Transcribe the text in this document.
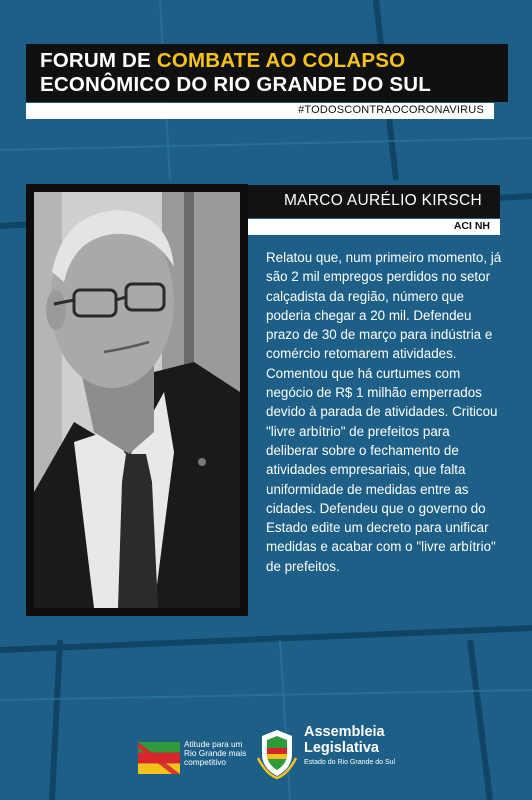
FORUM DE COMBATE AO COLAPSO
ECONÔMICO DO RIO GRANDE DO SUL
#TODOSCONTRAOCORONAVIRUS
MARCO AURÉLIO KIRSCH
ACI NH

Relatou que, num primeiro momento, já são 2 mil empregos perdidos no setor calçadista da região, número que poderia chegar a 20 mil. Defendeu prazo de 30 de março para indústria e comércio retomarem atividades. Comentou que há curtumes com negócio de R$ 1 milhão emperrados devido à parada de atividades. Criticou "livre arbítrio" de prefeitos para deliberar sobre o fechamento de atividades empresariais, que falta uniformidade de medidas entre as cidades. Defendeu que o governo do Estado edite um decreto para unificar medidas e acabar com o "livre arbítrio" de prefeitos.

Atitude para um Rio Grande mais competitivo
Assembleia Legislativa
Estado do Rio Grande do Sul
